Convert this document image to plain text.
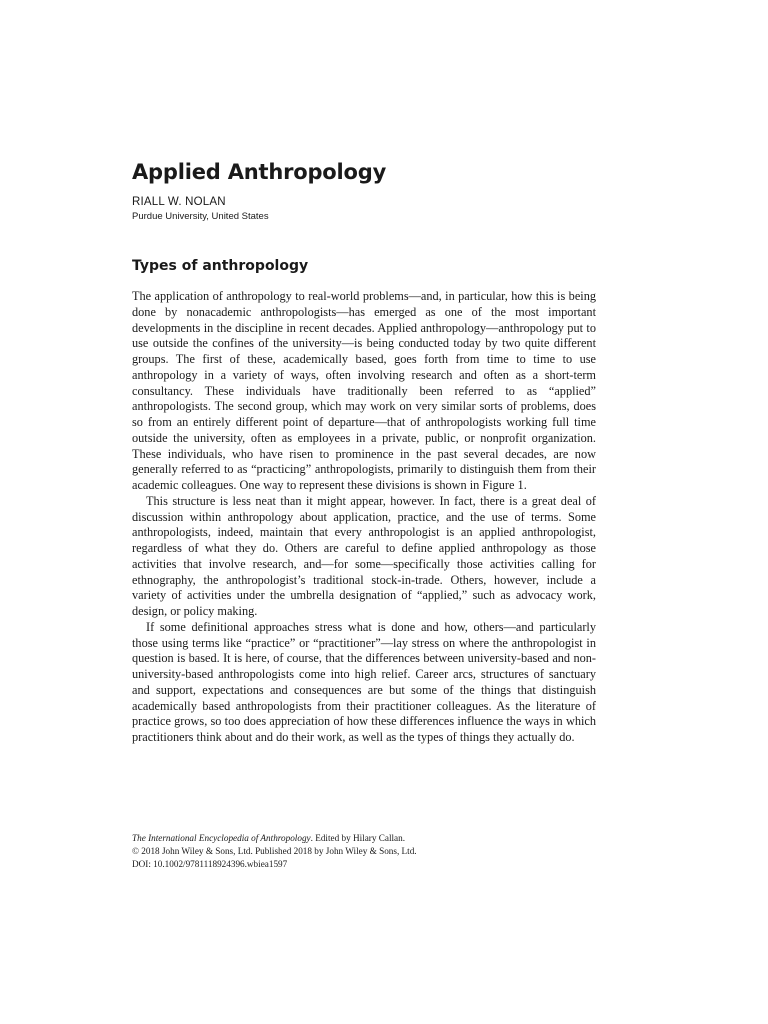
Applied Anthropology
RIALL W. NOLAN
Purdue University, United States
Types of anthropology

The application of anthropology to real-world problems—and, in particular, how this is being done by nonacademic anthropologists—has emerged as one of the most important developments in the discipline in recent decades. Applied anthropology—anthropology put to use outside the confines of the university—is being conducted today by two quite different groups. The first of these, academically based, goes forth from time to time to use anthropology in a variety of ways, often involving research and often as a short-term consultancy. These individuals have traditionally been referred to as “applied” anthropologists. The second group, which may work on very similar sorts of problems, does so from an entirely different point of departure—that of anthropologists working full time outside the university, often as employees in a private, public, or nonprofit organization. These individuals, who have risen to prominence in the past several decades, are now generally referred to as “practicing” anthropologists, primarily to distinguish them from their academic colleagues. One way to represent these divisions is shown in Figure 1.

This structure is less neat than it might appear, however. In fact, there is a great deal of discussion within anthropology about application, practice, and the use of terms. Some anthropologists, indeed, maintain that every anthropologist is an applied anthropologist, regardless of what they do. Others are careful to define applied anthropology as those activities that involve research, and—for some—specifically those activities calling for ethnography, the anthropologist’s traditional stock-in-trade. Others, however, include a variety of activities under the umbrella designation of “applied,” such as advocacy work, design, or policy making.

If some definitional approaches stress what is done and how, others—and particularly those using terms like “practice” or “practitioner”—lay stress on where the anthropologist in question is based. It is here, of course, that the differences between university-based and non-university-based anthropologists come into high relief. Career arcs, structures of sanctuary and support, expectations and consequences are but some of the things that distinguish academically based anthropologists from their practitioner colleagues. As the literature of practice grows, so too does appreciation of how these differences influence the ways in which practitioners think about and do their work, as well as the types of things they actually do.

The International Encyclopedia of Anthropology. Edited by Hilary Callan.
© 2018 John Wiley & Sons, Ltd. Published 2018 by John Wiley & Sons, Ltd.
DOI: 10.1002/9781118924396.wbiea1597
